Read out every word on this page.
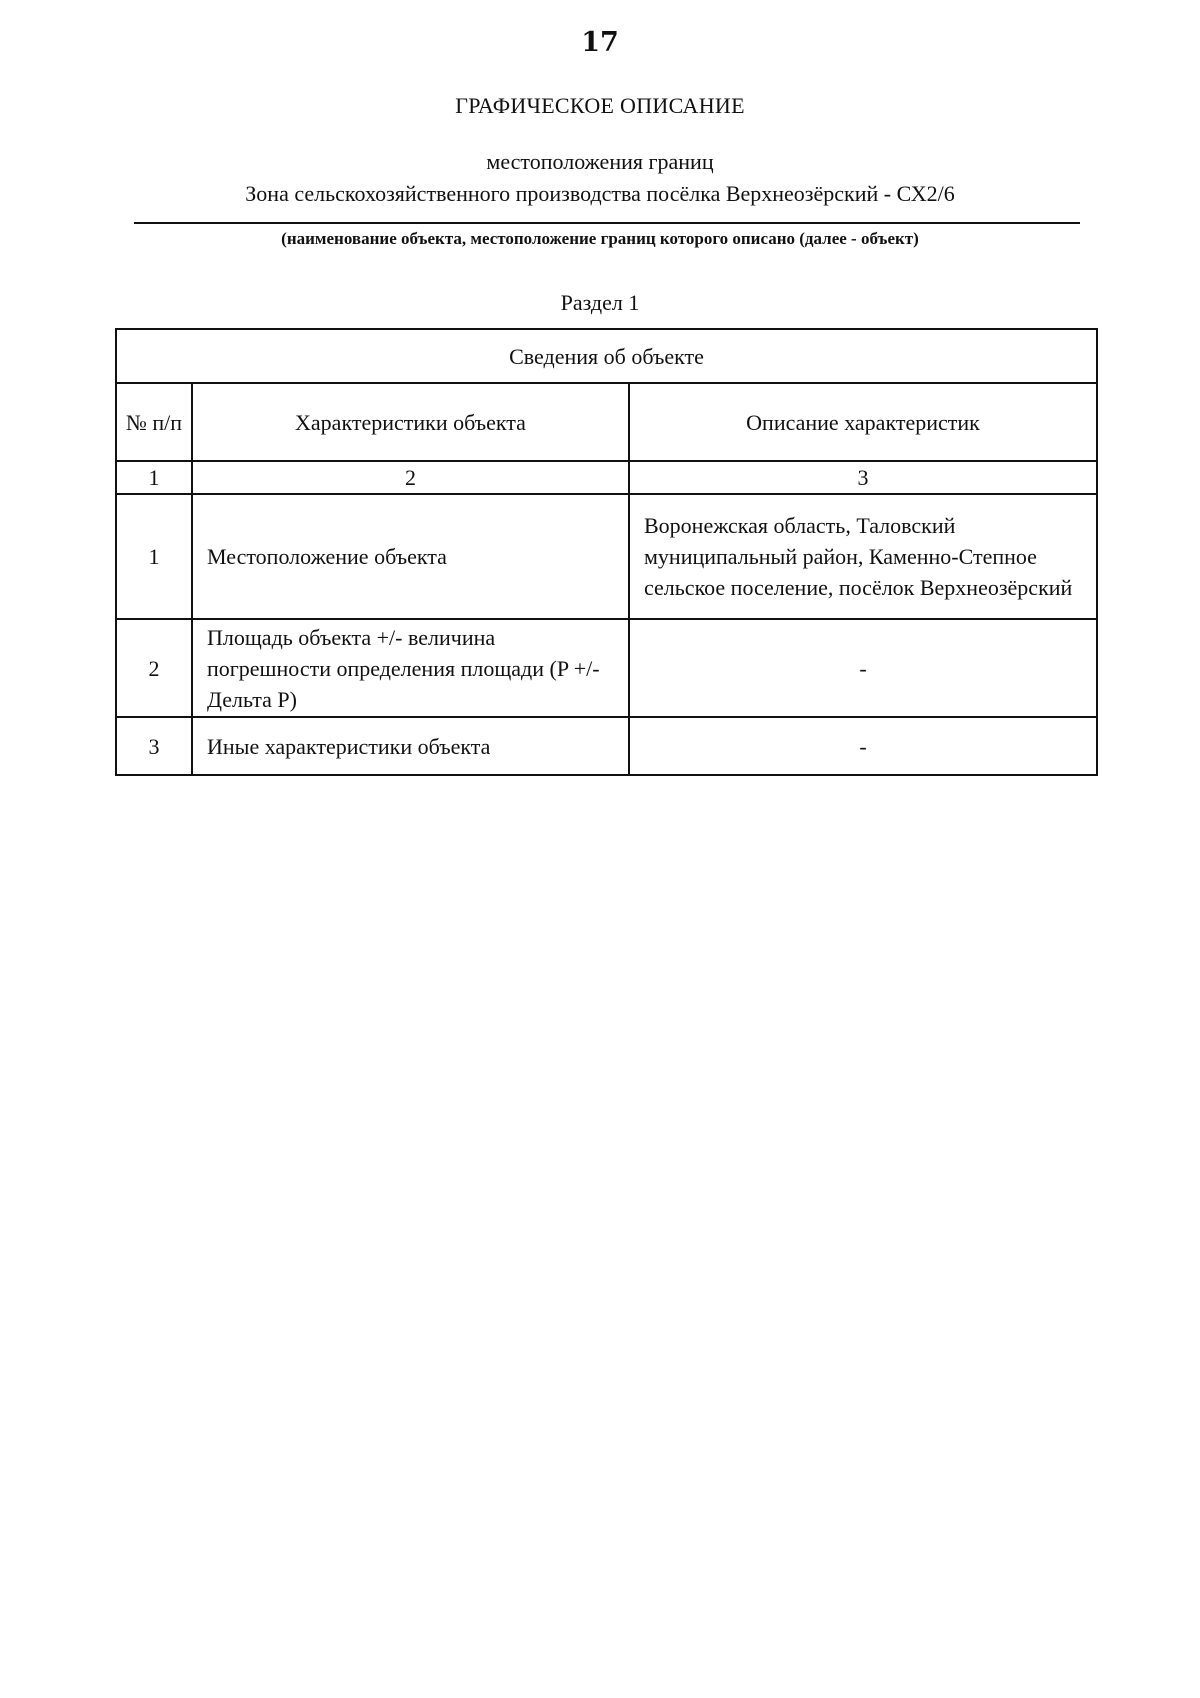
17
ГРАФИЧЕСКОЕ ОПИСАНИЕ
местоположения границ
Зона сельскохозяйственного производства посёлка Верхнеозёрский - СХ2/6
(наименование объекта, местоположение границ которого описано (далее - объект)
Раздел 1
Сведения об объекте		
№ п/п	Характеристики объекта	Описание характеристик
1	2	3
1	Местоположение объекта	Воронежская область, Таловский муниципальный район, Каменно-Степное сельское поселение, посёлок Верхнеозёрский
2	Площадь объекта +/- величина погрешности определения площади (P +/- Дельта P)	-
3	Иные характеристики объекта	-
